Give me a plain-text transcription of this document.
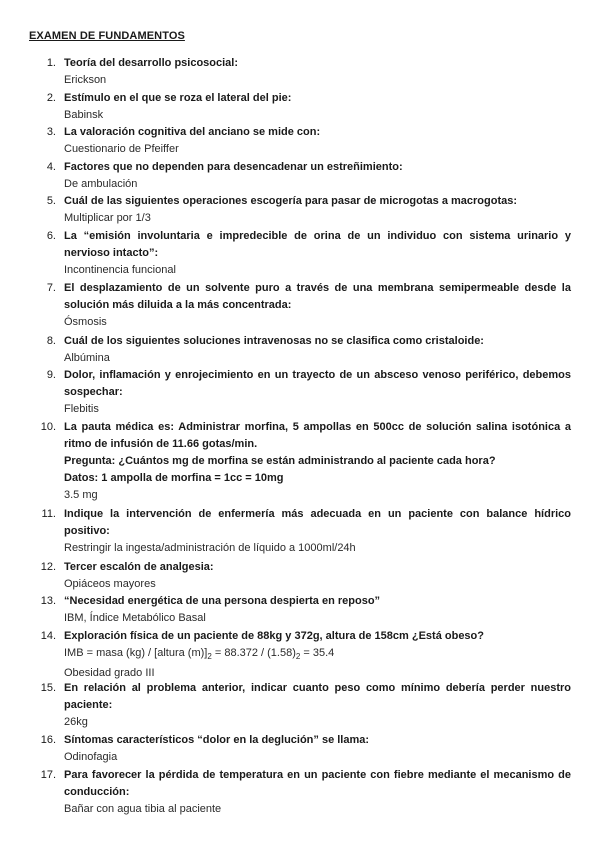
EXAMEN DE FUNDAMENTOS
1. Teoría del desarrollo psicosocial:
Erickson
2. Estímulo en el que se roza el lateral del pie:
Babinsk
3. La valoración cognitiva del anciano se mide con:
Cuestionario de Pfeiffer
4. Factores que no dependen para desencadenar un estreñimiento:
De ambulación
5. Cuál de las siguientes operaciones escogería para pasar de microgotas a macrogotas:
Multiplicar por 1/3
6. La “emisión involuntaria e impredecible de orina de un individuo con sistema urinario y nervioso intacto”:
Incontinencia funcional
7. El desplazamiento de un solvente puro a través de una membrana semipermeable desde la solución más diluida a la más concentrada:
Ósmosis
8. Cuál de los siguientes soluciones intravenosas no se clasifica como cristaloide:
Albúmina
9. Dolor, inflamación y enrojecimiento en un trayecto de un absceso venoso periférico, debemos sospechar:
Flebitis
10. La pauta médica es: Administrar morfina, 5 ampollas en 500cc de solución salina isotónica a ritmo de infusión de 11.66 gotas/min.
Pregunta: ¿Cuántos mg de morfina se están administrando al paciente cada hora?
Datos: 1 ampolla de morfina = 1cc = 10mg
3.5 mg
11. Indique la intervención de enfermería más adecuada en un paciente con balance hídrico positivo:
Restringir la ingesta/administración de líquido a 1000ml/24h
12. Tercer escalón de analgesia:
Opiáceos mayores
13. “Necesidad energética de una persona despierta en reposo”
IBM, Índice Metabólico Basal
14. Exploración física de un paciente de 88kg y 372g, altura de 158cm ¿Está obeso?
IMB = masa (kg) / [altura $(m)]_2 = 88.372 / (1.58)_2 = 35.4$
Obesidad grado III
15. En relación al problema anterior, indicar cuanto peso como mínimo debería perder nuestro paciente:
26kg
16. Síntomas característicos “dolor en la deglución” se llama:
Odinofagia
17. Para favorecer la pérdida de temperatura en un paciente con fiebre mediante el mecanismo de conducción:
Bañar con agua tibia al paciente
